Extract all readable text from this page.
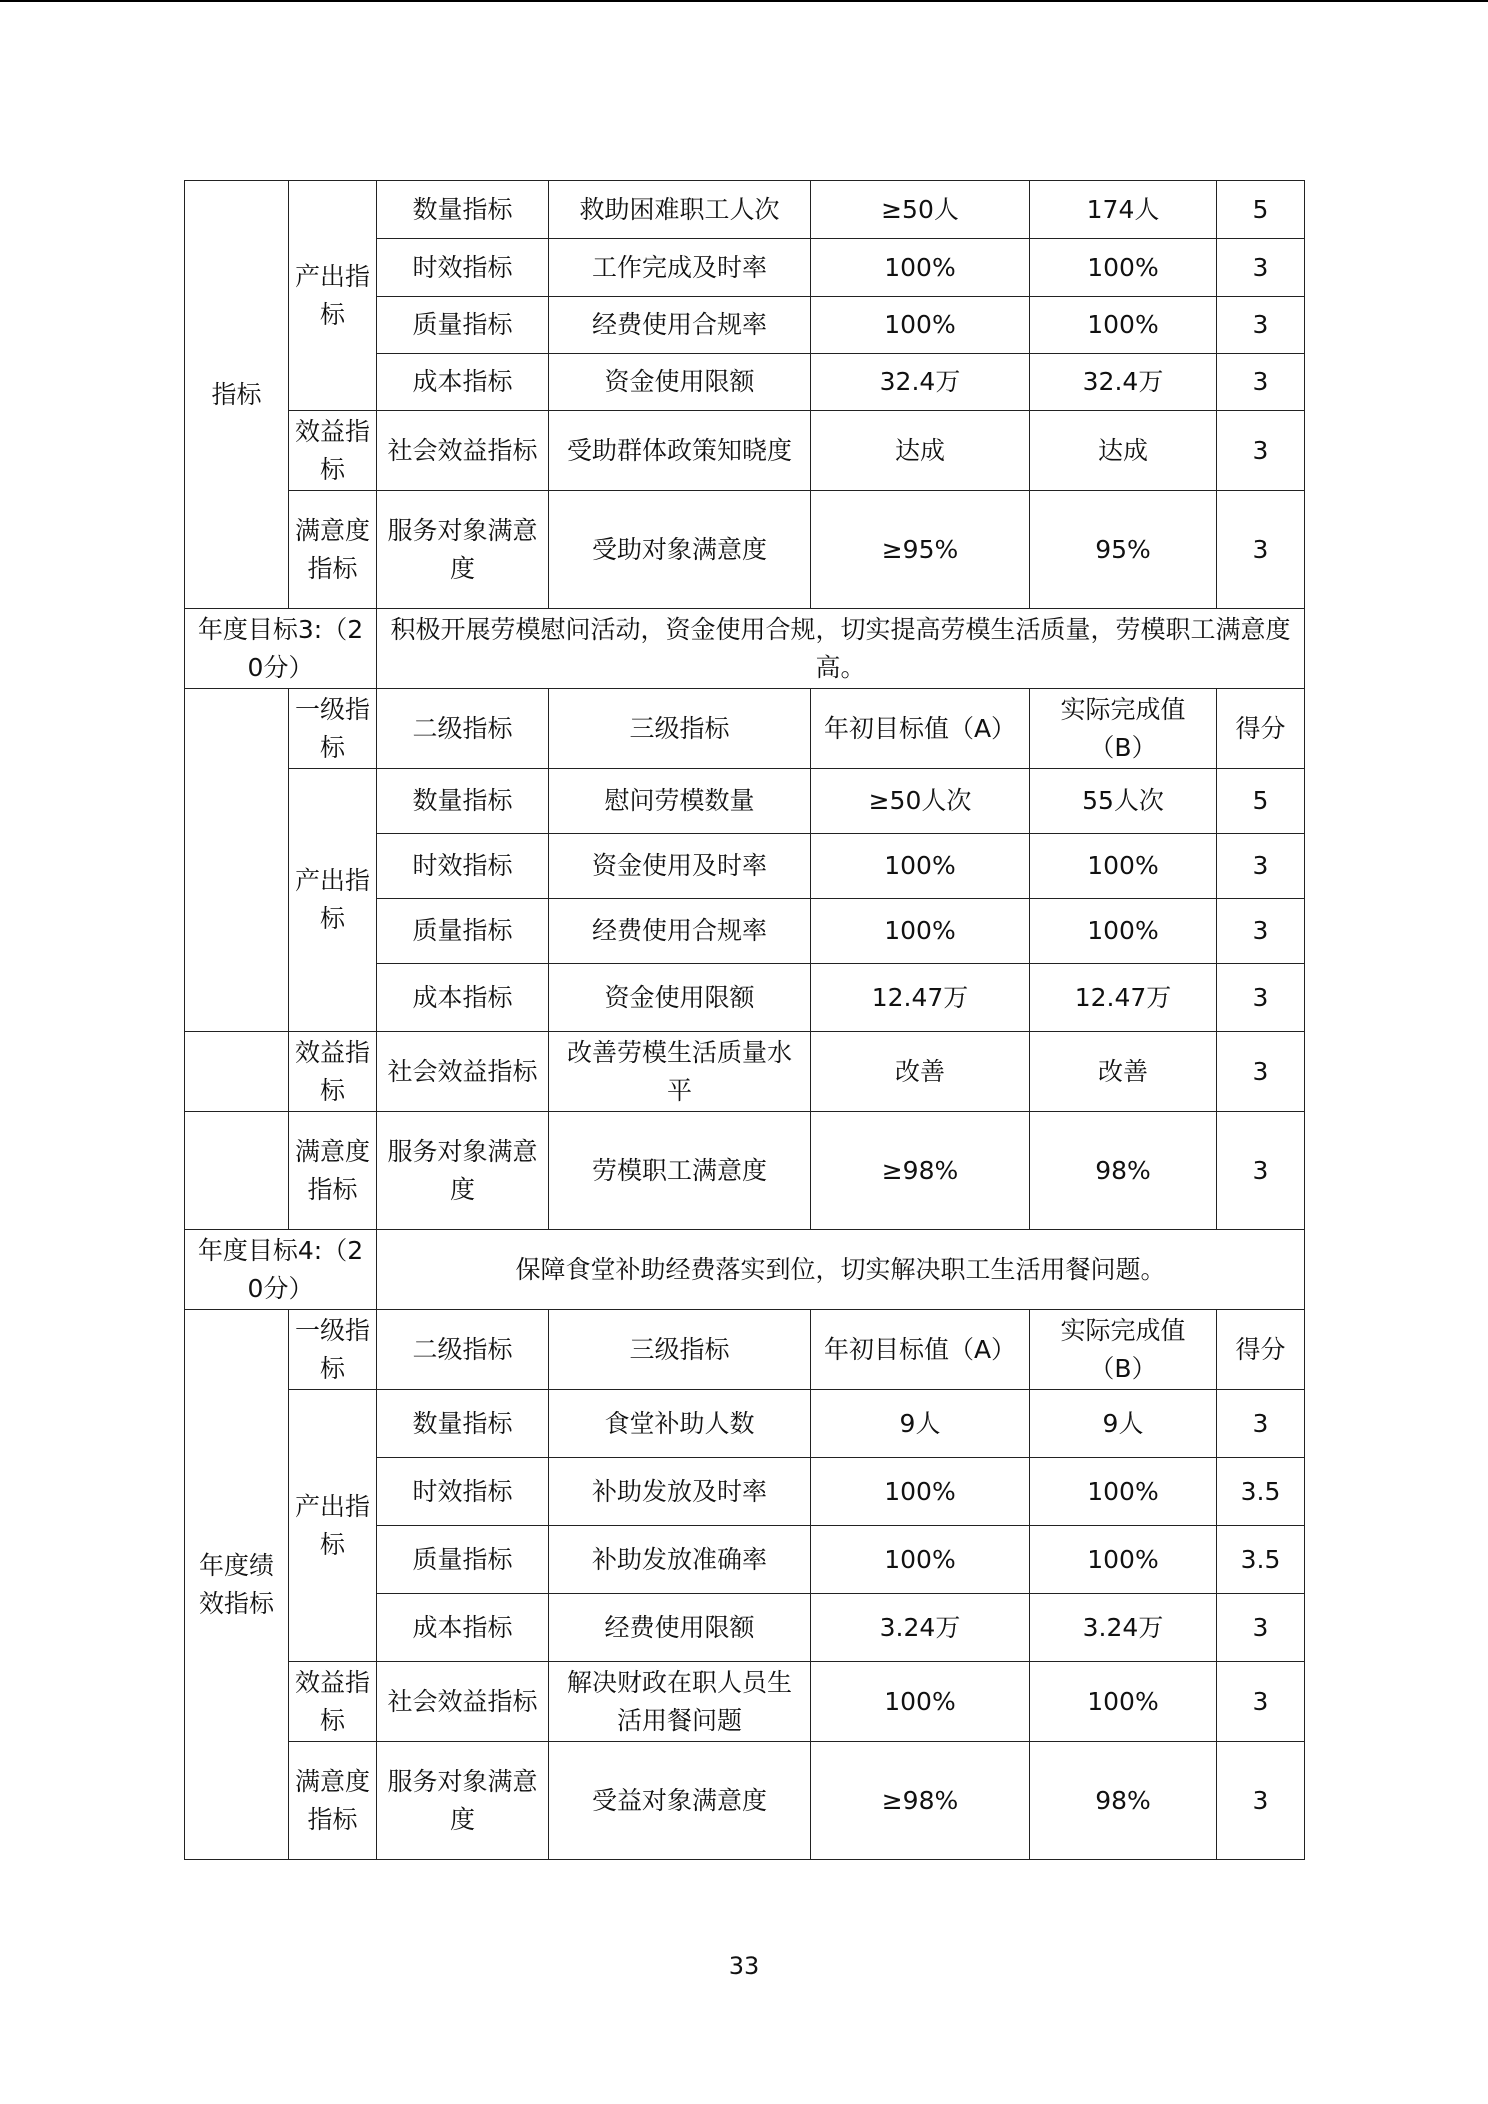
指标	产出指标	数量指标	救助困难职工人次	≥50人	174人	5
		时效指标	工作完成及时率	100%	100%	3
		质量指标	经费使用合规率	100%	100%	3
		成本指标	资金使用限额	32.4万	32.4万	3
	效益指标	社会效益指标	受助群体政策知晓度	达成	达成	3
	满意度指标	服务对象满意度	受助对象满意度	≥95%	95%	3
年度目标3:（20分）		积极开展劳模慰问活动，资金使用合规，切实提高劳模生活质量，劳模职工满意度高。				
	一级指标	二级指标	三级指标	年初目标值（A）	实际完成值（B）	得分
	产出指标	数量指标	慰问劳模数量	≥50人次	55人次	5
		时效指标	资金使用及时率	100%	100%	3
		质量指标	经费使用合规率	100%	100%	3
		成本指标	资金使用限额	12.47万	12.47万	3
	效益指标	社会效益指标	改善劳模生活质量水平	改善	改善	3
	满意度指标	服务对象满意度	劳模职工满意度	≥98%	98%	3
年度目标4:（20分）		保障食堂补助经费落实到位，切实解决职工生活用餐问题。				
年度绩效指标	一级指标	二级指标	三级指标	年初目标值（A）	实际完成值（B）	得分
	产出指标	数量指标	食堂补助人数	9人	9人	3
		时效指标	补助发放及时率	100%	100%	3.5
		质量指标	补助发放准确率	100%	100%	3.5
		成本指标	经费使用限额	3.24万	3.24万	3
	效益指标	社会效益指标	解决财政在职人员生活用餐问题	100%	100%	3
	满意度指标	服务对象满意度	受益对象满意度	≥98%	98%	3
33
